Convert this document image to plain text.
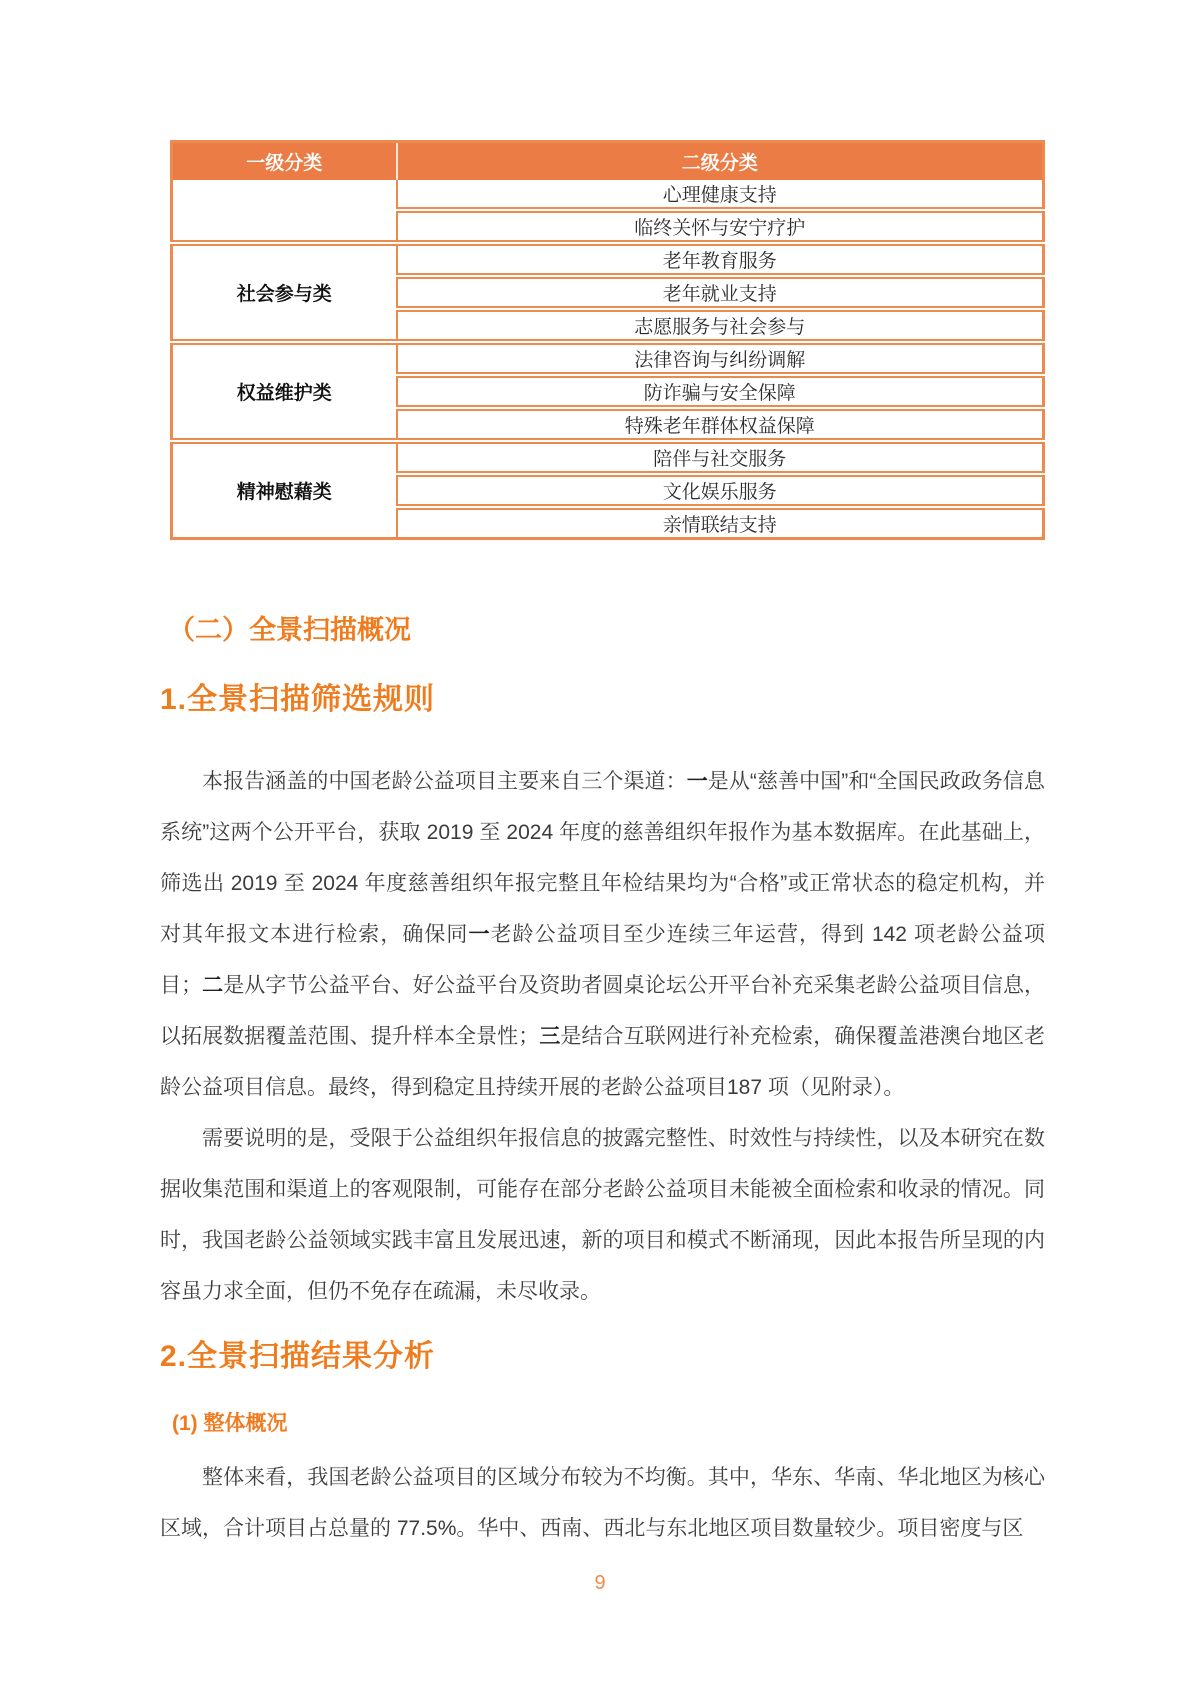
一级分类	二级分类
	心理健康支持
	临终关怀与安宁疗护
社会参与类	老年教育服务
	老年就业支持
	志愿服务与社会参与
权益维护类	法律咨询与纠纷调解
	防诈骗与安全保障
	特殊老年群体权益保障
精神慰藉类	陪伴与社交服务
	文化娱乐服务
	亲情联结支持
（二）全景扫描概况
1.全景扫描筛选规则

本报告涵盖的中国老龄公益项目主要来自三个渠道：一是从“慈善中国”和“全国民政政务信息系统”这两个公开平台，获取 2019 至 2024 年度的慈善组织年报作为基本数据库。在此基础上，筛选出 2019 至 2024 年度慈善组织年报完整且年检结果均为“合格”或正常状态的稳定机构，并对其年报文本进行检索，确保同一老龄公益项目至少连续三年运营，得到 142 项老龄公益项目；二是从字节公益平台、好公益平台及资助者圆桌论坛公开平台补充采集老龄公益项目信息，以拓展数据覆盖范围、提升样本全景性；三是结合互联网进行补充检索，确保覆盖港澳台地区老龄公益项目信息。最终，得到稳定且持续开展的老龄公益项目187 项（见附录）。

需要说明的是，受限于公益组织年报信息的披露完整性、时效性与持续性，以及本研究在数据收集范围和渠道上的客观限制，可能存在部分老龄公益项目未能被全面检索和收录的情况。同时，我国老龄公益领域实践丰富且发展迅速，新的项目和模式不断涌现，因此本报告所呈现的内容虽力求全面，但仍不免存在疏漏，未尽收录。

2.全景扫描结果分析
(1) 整体概况

整体来看，我国老龄公益项目的区域分布较为不均衡。其中，华东、华南、华北地区为核心区域，合计项目占总量的 77.5%。华中、西南、西北与东北地区项目数量较少。项目密度与区

9
